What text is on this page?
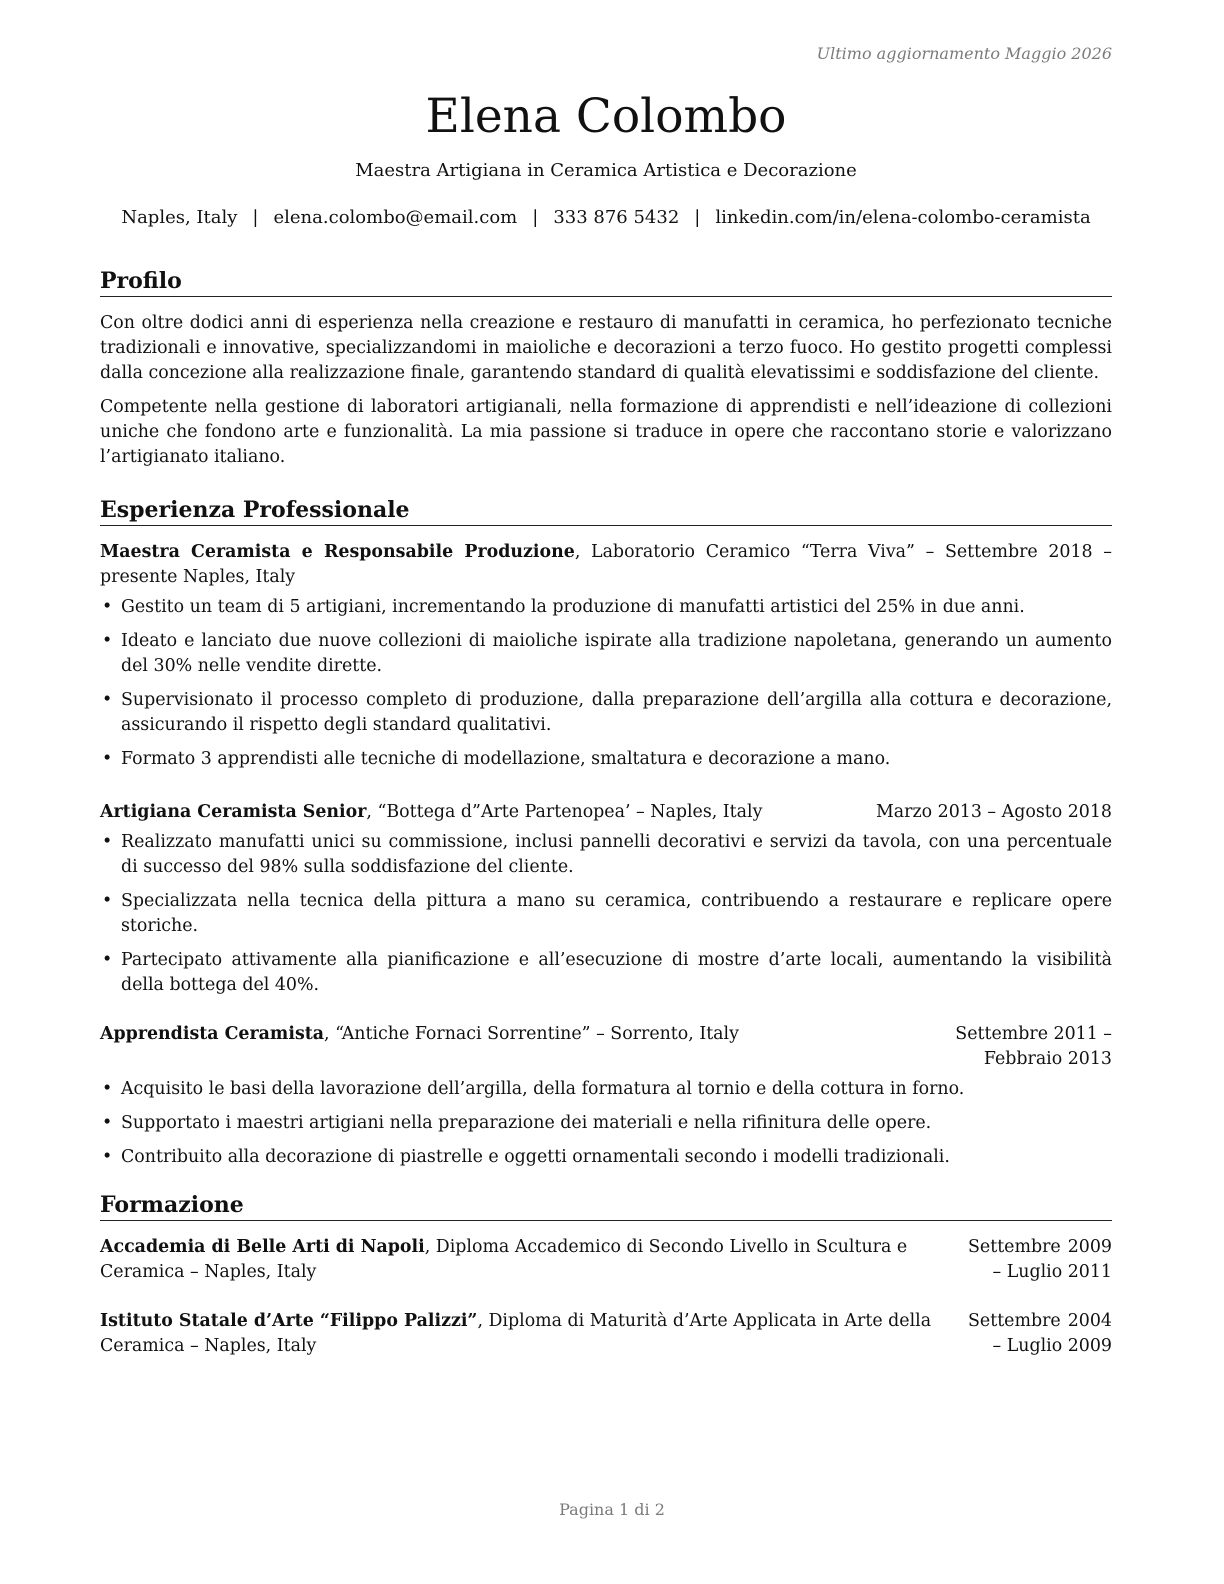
Ultimo aggiornamento Maggio 2026
Elena Colombo
Maestra Artigiana in Ceramica Artistica e Decorazione
Naples, Italy | elena.colombo@email.com | 333 876 5432 | linkedin.com/in/elena-colombo-ceramista
Profilo

Con oltre dodici anni di esperienza nella creazione e restauro di manufatti in ceramica, ho perfezionato tecniche tradizionali e innovative, specializzandomi in maioliche e decorazioni a terzo fuoco. Ho gestito progetti complessi dalla concezione alla realizzazione finale, garantendo standard di qualità elevatissimi e soddisfazione del cliente.

Competente nella gestione di laboratori artigianali, nella formazione di apprendisti e nell’ideazione di collezioni uniche che fondono arte e funzionalità. La mia passione si traduce in opere che raccontano storie e valorizzano l’artigianato italiano.

Esperienza Professionale
Maestra Ceramista e Responsabile Produzione, Laboratorio Ceramico “Terra Viva” – Settembre 2018 – presente Naples, Italy
• Gestito un team di 5 artigiani, incrementando la produzione di manufatti artistici del 25% in due anni.
• Ideato e lanciato due nuove collezioni di maioliche ispirate alla tradizione napoletana, generando un aumento del 30% nelle vendite dirette.
• Supervisionato il processo completo di produzione, dalla preparazione dell’argilla alla cottura e decorazione, assicurando il rispetto degli standard qualitativi.
• Formato 3 apprendisti alle tecniche di modellazione, smaltatura e decorazione a mano.
Artigiana Ceramista Senior, “Bottega d”Arte Partenopea’ – Naples, Italy	Marzo 2013 – Agosto 2018
• Realizzato manufatti unici su commissione, inclusi pannelli decorativi e servizi da tavola, con una percentuale di successo del 98% sulla soddisfazione del cliente.
• Specializzata nella tecnica della pittura a mano su ceramica, contribuendo a restaurare e replicare opere storiche.
• Partecipato attivamente alla pianificazione e all’esecuzione di mostre d’arte locali, aumentando la visibilità della bottega del 40%.
Apprendista Ceramista, “Antiche Fornaci Sorrentine” – Sorrento, Italy	Settembre 2011 – Febbraio 2013
• Acquisito le basi della lavorazione dell’argilla, della formatura al tornio e della cottura in forno.
• Supportato i maestri artigiani nella preparazione dei materiali e nella rifinitura delle opere.
• Contribuito alla decorazione di piastrelle e oggetti ornamentali secondo i modelli tradizionali.
Formazione
Accademia di Belle Arti di Napoli, Diploma Accademico di Secondo Livello in Scultura e Ceramica – Naples, Italy
Settembre 2009 – Luglio 2011
Istituto Statale d’Arte “Filippo Palizzi”, Diploma di Maturità d’Arte Applicata in Arte della Ceramica – Naples, Italy
Settembre 2004 – Luglio 2009
Pagina 1 di 2
